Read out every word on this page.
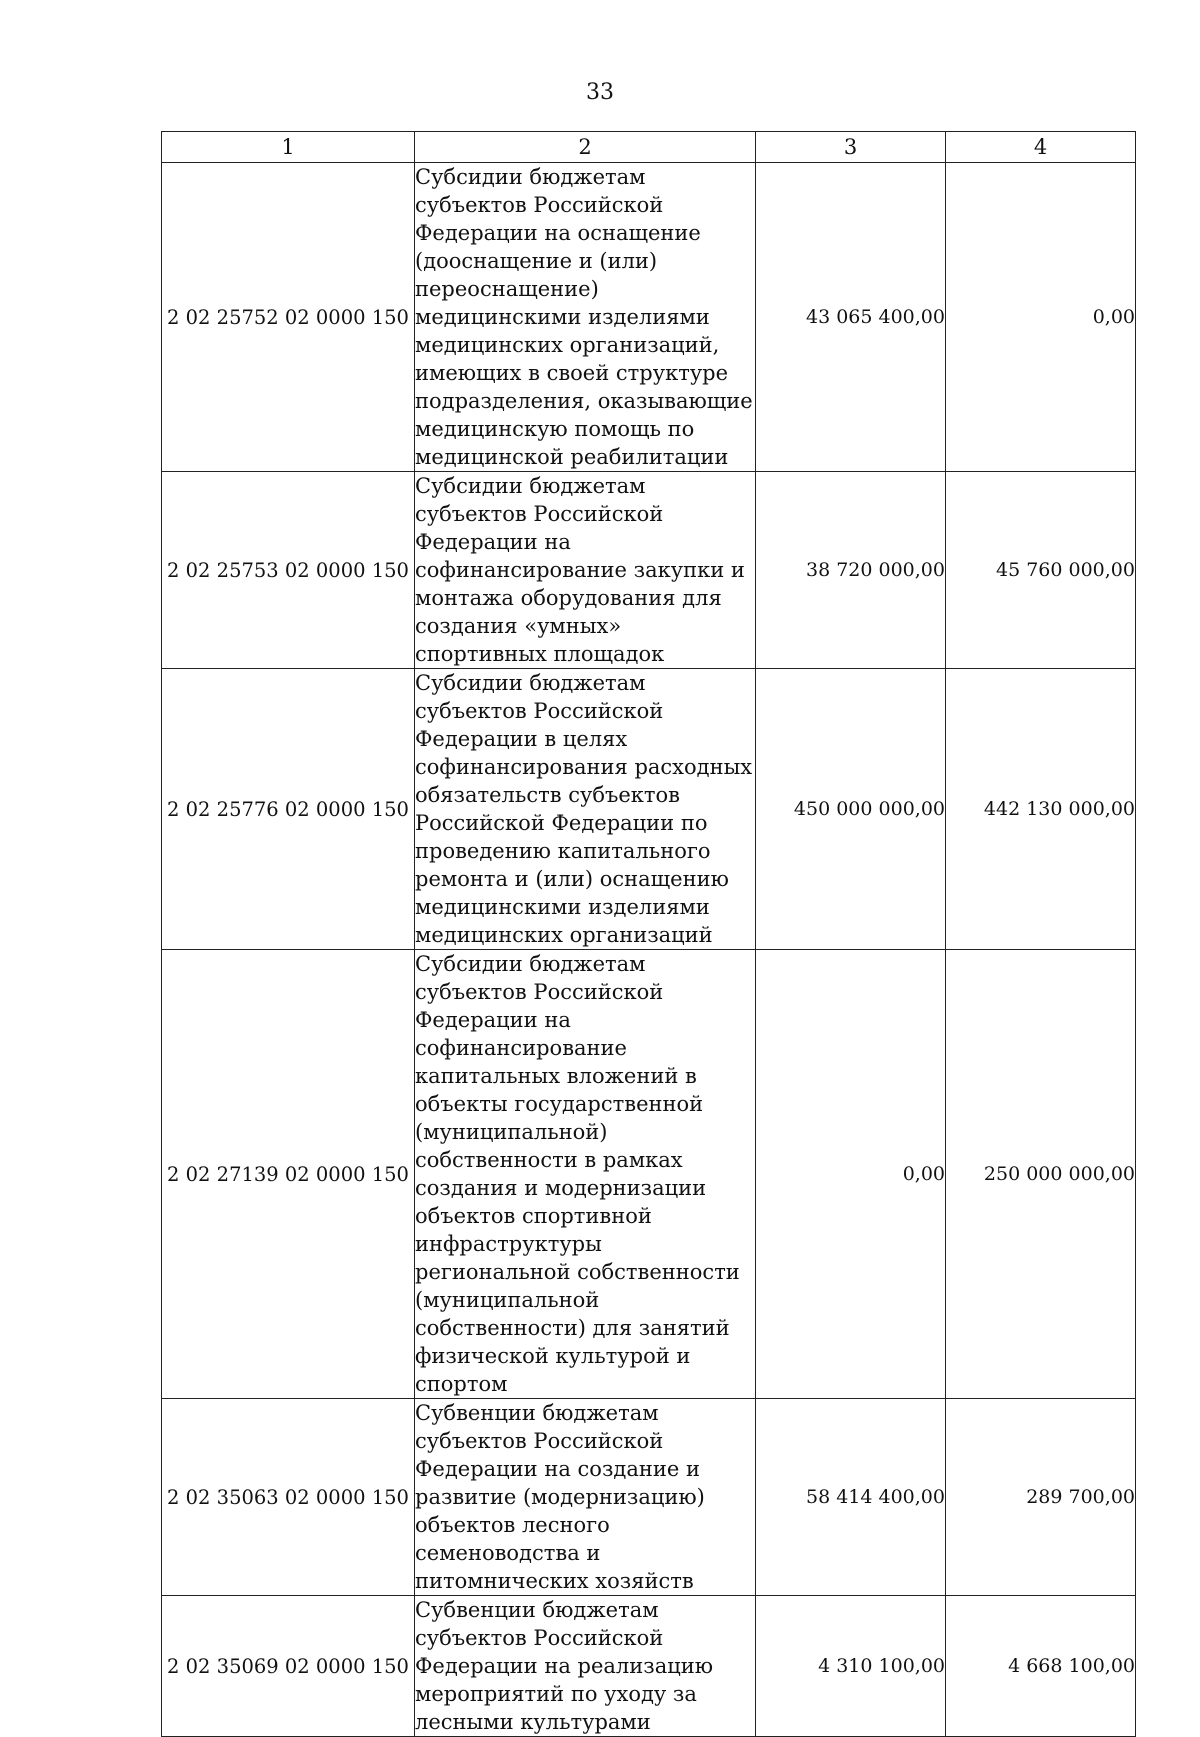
33
1	2	3	4
2 02 25752 02 0000 150	Субсидии бюджетам субъектов Российской Федерации на оснащение (дооснащение и (или) переоснащение) медицинскими изделиями медицинских организаций, имеющих в своей структуре подразделения, оказывающие медицинскую помощь по медицинской реабилитации	43 065 400,00	0,00
2 02 25753 02 0000 150	Субсидии бюджетам субъектов Российской Федерации на софинансирование закупки и монтажа оборудования для создания «умных» спортивных площадок	38 720 000,00	45 760 000,00
2 02 25776 02 0000 150	Субсидии бюджетам субъектов Российской Федерации в целях софинансирования расходных обязательств субъектов Российской Федерации по проведению капитального ремонта и (или) оснащению медицинскими изделиями медицинских организаций	450 000 000,00	442 130 000,00
2 02 27139 02 0000 150	Субсидии бюджетам субъектов Российской Федерации на софинансирование капитальных вложений в объекты государственной (муниципальной) собственности в рамках создания и модернизации объектов спортивной инфраструктуры региональной собственности (муниципальной собственности) для занятий физической культурой и спортом	0,00	250 000 000,00
2 02 35063 02 0000 150	Субвенции бюджетам субъектов Российской Федерации на создание и развитие (модернизацию) объектов лесного семеноводства и питомнических хозяйств	58 414 400,00	289 700,00
2 02 35069 02 0000 150	Субвенции бюджетам субъектов Российской Федерации на реализацию мероприятий по уходу за лесными культурами	4 310 100,00	4 668 100,00
